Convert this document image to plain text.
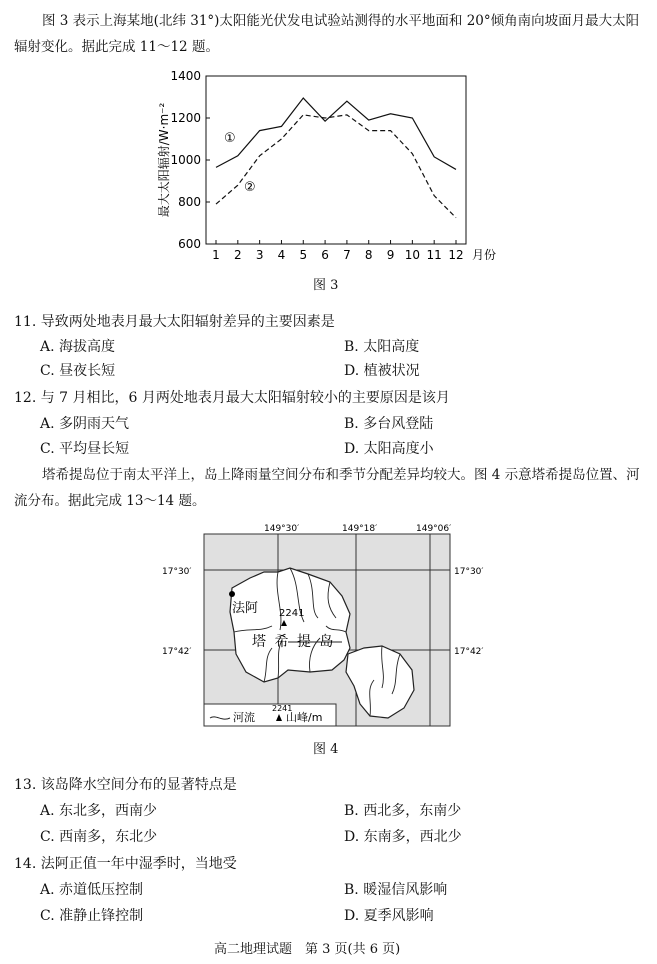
图 3 表示上海某地(北纬 31°)太阳能光伏发电试验站测得的水平地面和 20°倾角南向坡面月最大太阳辐射变化。据此完成 11～12 题。

600
800
1000
1200
1400
1 2 3 4 5 6 7 8 9 10 11 12 月份
最大太阳辐射/W·m⁻²	①
②
图 3
11. 导致两处地表月最大太阳辐射差异的主要因素是
A. 海拔高度	B. 太阳高度
C. 昼夜长短	D. 植被状况
12. 与 7 月相比，6 月两处地表月最大太阳辐射较小的主要原因是该月
A. 多阴雨天气	B. 多台风登陆
C. 平均昼长短	D. 太阳高度小

塔希提岛位于南太平洋上，岛上降雨量空间分布和季节分配差异均较大。图 4 示意塔希提岛位置、河流分布。据此完成 13～14 题。

法阿 2241
塔 希 提 岛
149°30′	149°18′	149°06′
17°30′	17°30′
17°42′	17°42′
河流
2241
山峰/m
图 4
13. 该岛降水空间分布的显著特点是
A. 东北多，西南少	B. 西北多，东南少
C. 西南多，东北少	D. 东南多，西北少
14. 法阿正值一年中湿季时，当地受
A. 赤道低压控制	B. 暖湿信风影响
C. 准静止锋控制	D. 夏季风影响
高二地理试题　第 3 页(共 6 页)
